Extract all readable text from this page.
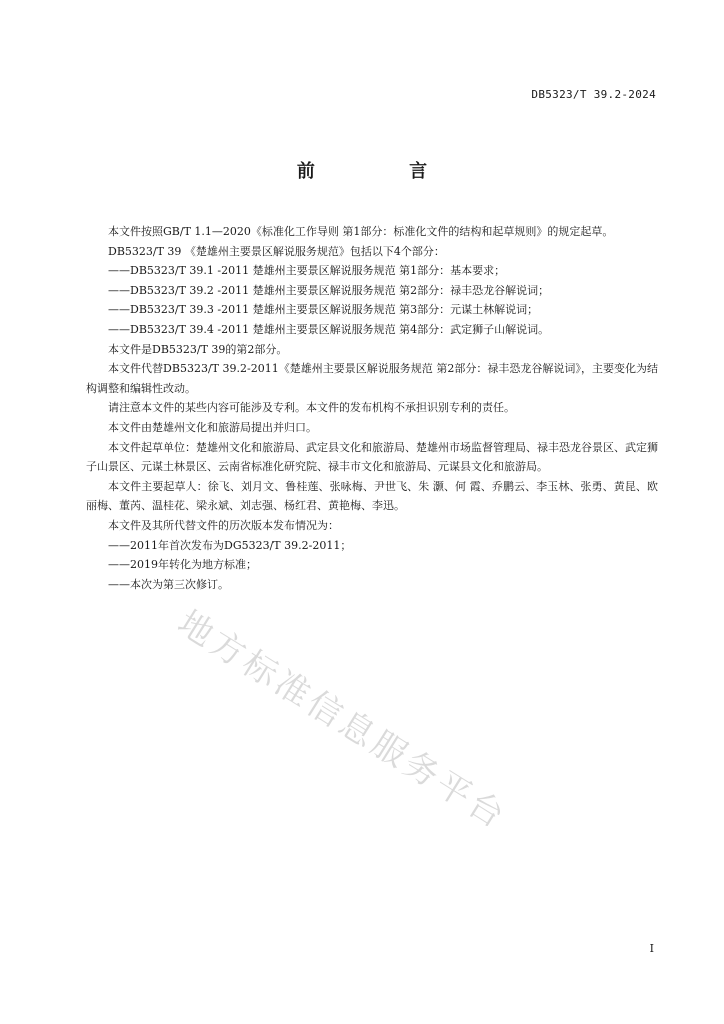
DB5323/T 39.2-2024
前 言

本文件按照GB/T 1.1—2020《标准化工作导则 第1部分：标准化文件的结构和起草规则》的规定起草。

DB5323/T 39 《楚雄州主要景区解说服务规范》包括以下4个部分：

——DB5323/T 39.1 -2011 楚雄州主要景区解说服务规范 第1部分：基本要求；

——DB5323/T 39.2 -2011 楚雄州主要景区解说服务规范 第2部分：禄丰恐龙谷解说词；

——DB5323/T 39.3 -2011 楚雄州主要景区解说服务规范 第3部分：元谋土林解说词；

——DB5323/T 39.4 -2011 楚雄州主要景区解说服务规范 第4部分：武定狮子山解说词。

本文件是DB5323/T 39的第2部分。

本文件代替DB5323/T 39.2-2011《楚雄州主要景区解说服务规范 第2部分：禄丰恐龙谷解说词》，主要变化为结构调整和编辑性改动。

请注意本文件的某些内容可能涉及专利。本文件的发布机构不承担识别专利的责任。

本文件由楚雄州文化和旅游局提出并归口。

本文件起草单位：楚雄州文化和旅游局、武定县文化和旅游局、楚雄州市场监督管理局、禄丰恐龙谷景区、武定狮子山景区、元谋土林景区、云南省标准化研究院、禄丰市文化和旅游局、元谋县文化和旅游局。

本文件主要起草人：徐飞、刘月文、鲁桂莲、张咏梅、尹世飞、朱 灏、何 霞、乔鹏云、李玉林、张勇、黄昆、欧丽梅、董芮、温桂花、梁永斌、刘志强、杨红君、黄艳梅、李迅。

本文件及其所代替文件的历次版本发布情况为：

——2011年首次发布为DG5323/T 39.2-2011；

——2019年转化为地方标准；

——本次为第三次修订。

地方标准信息服务平台
I
